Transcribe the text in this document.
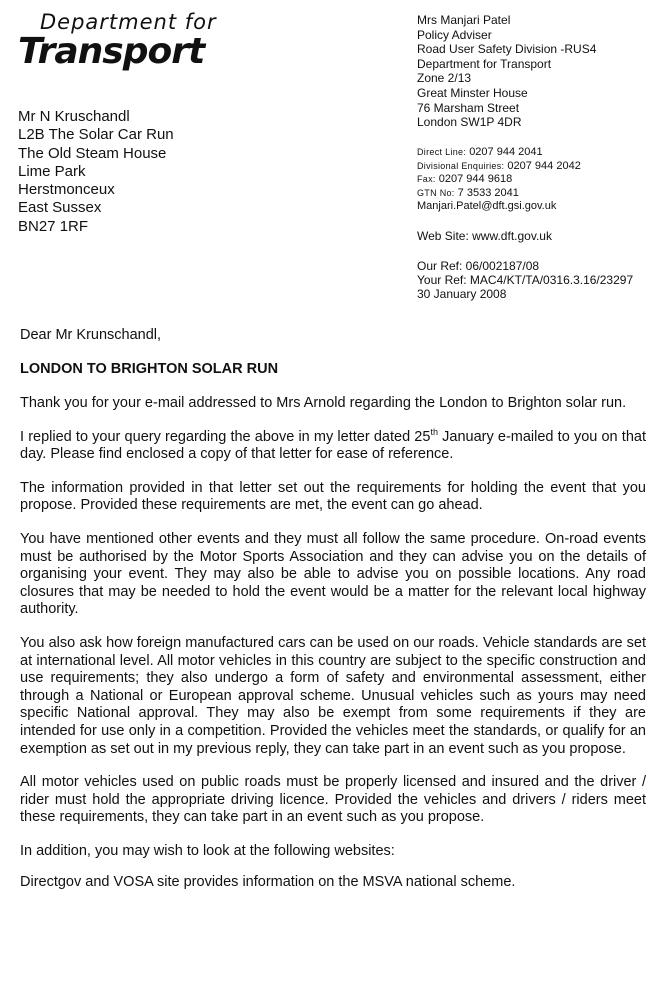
Department for
Transport
Mr N Kruschandl
L2B The Solar Car Run
The Old Steam House
Lime Park
Herstmonceux
East Sussex
BN27 1RF
Mrs Manjari Patel
Policy Adviser
Road User Safety Division -RUS4
Department for Transport
Zone 2/13
Great Minster House
76 Marsham Street
London SW1P 4DR
Direct Line: 0207 944 2041
Divisional Enquiries: 0207 944 2042
Fax: 0207 944 9618
GTN No: 7 3533 2041
Manjari.Patel@dft.gsi.gov.uk
Web Site: www.dft.gov.uk
Our Ref: 06/002187/08
Your Ref: MAC4/KT/TA/0316.3.16/23297
30 January 2008
Dear Mr Krunschandl,
LONDON TO BRIGHTON SOLAR RUN

Thank you for your e-mail addressed to Mrs Arnold regarding the London to Brighton solar run.

I replied to your query regarding the above in my letter dated 25th January e-mailed to you on that day. Please find enclosed a copy of that letter for ease of reference.

The information provided in that letter set out the requirements for holding the event that you propose. Provided these requirements are met, the event can go ahead.

You have mentioned other events and they must all follow the same procedure. On-road events must be authorised by the Motor Sports Association and they can advise you on the details of organising your event. They may also be able to advise you on possible locations. Any road closures that may be needed to hold the event would be a matter for the relevant local highway authority.

You also ask how foreign manufactured cars can be used on our roads. Vehicle standards are set at international level. All motor vehicles in this country are subject to the specific construction and use requirements; they also undergo a form of safety and environmental assessment, either through a National or European approval scheme. Unusual vehicles such as yours may need specific National approval. They may also be exempt from some requirements if they are intended for use only in a competition. Provided the vehicles meet the standards, or qualify for an exemption as set out in my previous reply, they can take part in an event such as you propose.

All motor vehicles used on public roads must be properly licensed and insured and the driver / rider must hold the appropriate driving licence. Provided the vehicles and drivers / riders meet these requirements, they can take part in an event such as you propose.

In addition, you may wish to look at the following websites:

Directgov and VOSA site provides information on the MSVA national scheme.
